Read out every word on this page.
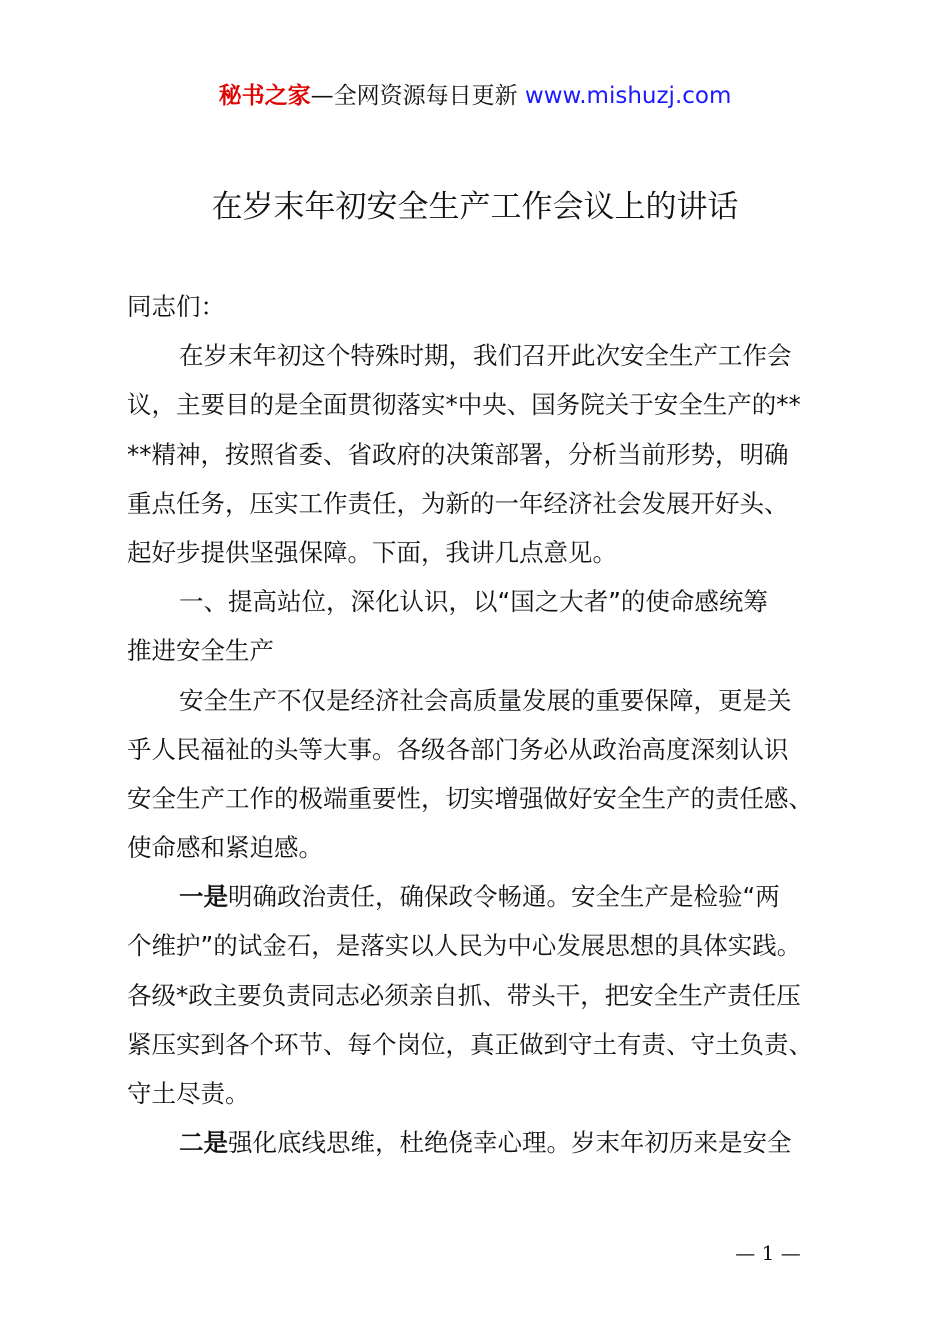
秘书之家—全网资源每日更新 www.mishuzj.com
在岁末年初安全生产工作会议上的讲话
同志们：
在岁末年初这个特殊时期，我们召开此次安全生产工作会
议，主要目的是全面贯彻落实*中央、国务院关于安全生产的**
**精神，按照省委、省政府的决策部署，分析当前形势，明确
重点任务，压实工作责任，为新的一年经济社会发展开好头、
起好步提供坚强保障。下面，我讲几点意见。
一、提高站位，深化认识，以“国之大者”的使命感统筹
推进安全生产
安全生产不仅是经济社会高质量发展的重要保障，更是关
乎人民福祉的头等大事。各级各部门务必从政治高度深刻认识
安全生产工作的极端重要性，切实增强做好安全生产的责任感、
使命感和紧迫感。
一是明确政治责任，确保政令畅通。安全生产是检验“两
个维护”的试金石，是落实以人民为中心发展思想的具体实践。
各级*政主要负责同志必须亲自抓、带头干，把安全生产责任压
紧压实到各个环节、每个岗位，真正做到守土有责、守土负责、
守土尽责。
二是强化底线思维，杜绝侥幸心理。岁末年初历来是安全
— 1 —
